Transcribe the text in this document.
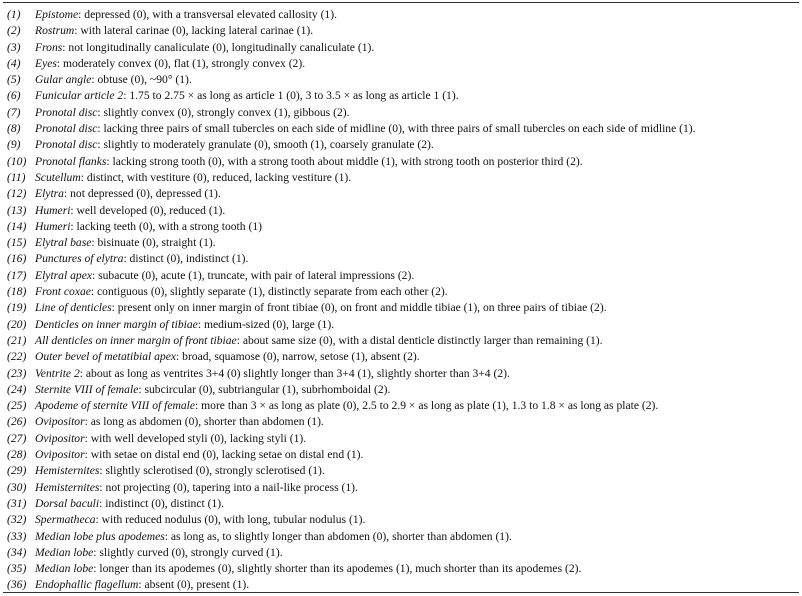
(1)	Epistome : depressed (0), with a transversal elevated callosity (1).
(2)	Rostrum : with lateral carinae (0), lacking lateral carinae (1).
(3)	Frons : not longitudinally canaliculate (0), longitudinally canaliculate (1).
(4)	Eyes : moderately convex (0), flat (1), strongly convex (2).
(5)	Gular angle : obtuse (0), ~90° (1).
(6)	Funicular article 2 : 1.75 to 2.75 × as long as article 1 (0), 3 to 3.5 × as long as article 1 (1).
(7)	Pronotal disc : slightly convex (0), strongly convex (1), gibbous (2).
(8)	Pronotal disc : lacking three pairs of small tubercles on each side of midline (0), with three pairs of small tubercles on each side of midline (1).
(9)	Pronotal disc : slightly to moderately granulate (0), smooth (1), coarsely granulate (2).
(10) Pronotal flanks : lacking strong tooth (0), with a strong tooth about middle (1), with strong tooth on posterior third (2).
(11) Scutellum : distinct, with vestiture (0), reduced, lacking vestiture (1).
(12) Elytra : not depressed (0), depressed (1).
(13) Humeri : well developed (0), reduced (1).
(14) Humeri : lacking teeth (0), with a strong tooth (1)
(15) Elytral base : bisinuate (0), straight (1).
(16) Punctures of elytra : distinct (0), indistinct (1).
(17) Elytral apex : subacute (0), acute (1), truncate, with pair of lateral impressions (2).
(18) Front coxae : contiguous (0), slightly separate (1), distinctly separate from each other (2).
(19) Line of denticles : present only on inner margin of front tibiae (0), on front and middle tibiae (1), on three pairs of tibiae (2).
(20) Denticles on inner margin of tibiae : medium-sized (0), large (1).
(21) All denticles on inner margin of front tibiae : about same size (0), with a distal denticle distinctly larger than remaining (1).
(22) Outer bevel of metatibial apex : broad, squamose (0), narrow, setose (1), absent (2).
(23) Ventrite 2 : about as long as ventrites 3+4 (0) slightly longer than 3+4 (1), slightly shorter than 3+4 (2).
(24) Sternite VIII of female : subcircular (0), subtriangular (1), subrhomboidal (2).
(25) Apodeme of sternite VIII of female : more than 3 × as long as plate (0), 2.5 to 2.9 × as long as plate (1), 1.3 to 1.8 × as long as plate (2).
(26) Ovipositor : as long as abdomen (0), shorter than abdomen (1).
(27) Ovipositor : with well developed styli (0), lacking styli (1).
(28) Ovipositor : with setae on distal end (0), lacking setae on distal end (1).
(29) Hemisternites : slightly sclerotised (0), strongly sclerotised (1).
(30) Hemisternites : not projecting (0), tapering into a nail-like process (1).
(31) Dorsal baculi : indistinct (0), distinct (1).
(32) Spermatheca : with reduced nodulus (0), with long, tubular nodulus (1).
(33) Median lobe plus apodemes : as long as, to slightly longer than abdomen (0), shorter than abdomen (1).
(34) Median lobe : slightly curved (0), strongly curved (1).
(35) Median lobe : longer than its apodemes (0), slightly shorter than its apodemes (1), much shorter than its apodemes (2).
(36) Endophallic flagellum : absent (0), present (1).
